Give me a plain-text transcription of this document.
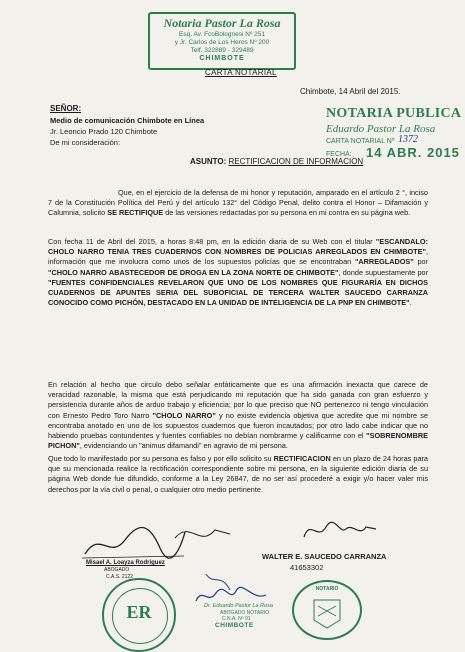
Notaria Pastor La Rosa
Esq. Av. FcoBolognesi Nº 251
y Jr. Carlos de Los Heros Nº 200
Telf. 322889 - 329489
CHIMBOTE
CARTA NOTARIAL
Chimbote, 14 Abril del 2015.
SEÑOR:
Medio de comunicación Chimbote en Línea
Jr. Leoncio Prado 120 Chimbote
De mi consideración:
NOTARIA PUBLICA
Eduardo Pastor La Rosa
CARTA NOTARIAL Nº 1372
FECHA: 14 ABR. 2015
ASUNTO: RECTIFICACION DE INFORMACION
Que, en el ejercicio de la defensa de mi honor y reputación, amparado en el artículo 2 °, inciso 7 de la Constitución Política del Perú y del artículo 132° del Código Penal, delito contra el Honor – Difamación y Calumnia, solicito SE RECTIFIQUE de las versiones redactadas por su persona en mi contra en su página web.
Con fecha 11 de Abril del 2015, a horas 8:48 pm, en la edición diaria de su Web con el titular "ESCANDALO: CHOLO NARRO TENIA TRES CUADERNOS CON NOMBRES DE POLICIAS ARREGLADOS EN CHIMBOTE", información que me involucra como unos de los supuestos policías que se encontraban "ARREGLADOS" por "CHOLO NARRO ABASTECEDOR DE DROGA EN LA ZONA NORTE DE CHIMBOTE", donde supuestamente por "FUENTES CONFIDENCIALES REVELARON QUE UNO DE LOS NOMBRES QUE FIGURARÍA EN DICHOS CUADERNOS DE APUNTES SERIA DEL SUBOFICIAL DE TERCERA WALTER SAUCEDO CARRANZA CONOCIDO COMO PICHÓN, DESTACADO EN LA UNIDAD DE INTELIGENCIA DE LA PNP EN CHIMBOTE".
En relación al hecho que circulo debo señalar enfáticamente que es una afirmación inexacta que carece de veracidad razonable, la misma que está perjudicando mi reputación que ha sido ganada con gran esfuerzo y persistencia durante años de arduo trabajo y eficiencia; por lo que preciso que NO pertenezco ni tengo vinculación con Ernesto Pedro Toro Narro "CHOLO NARRO" y no existe evidencia objetiva que acredite que mi nombre se encontraba anotado en uno de los supuestos cuadernos que fueron incautados; por otro lado cabe indicar que no habiendo pruebas contundentes y fuentes confiables no debían nombrarme y calificarme con el "SOBRENOMBRE PICHON", evidenciando un "animus difamandi" en agravio de mi persona.
Que todo lo manifestado por su persona es falso y por ello solicito su RECTIFICACION en un plazo de 24 horas para que su mencionada realice la rectificación correspondiente sobre mi persona, en la siguiente edición diaria de su página Web donde fue difundido, conforme a la Ley 26847, de no ser así procederé a exigir y/o hacer valer mis derechos por la vía civil o penal, o cualquier otro medio pertinente.
Misael A. Loayza Rodriguez
ABOGADO
C.A.S. 2122
WALTER E. SAUCEDO CARRANZA
41653302
ER	Dr. Eduardo Pastor La Rosa
ABOGADO NOTARIO
C.N.A. Nº 91
CHIMBOTE
NOTARIO
